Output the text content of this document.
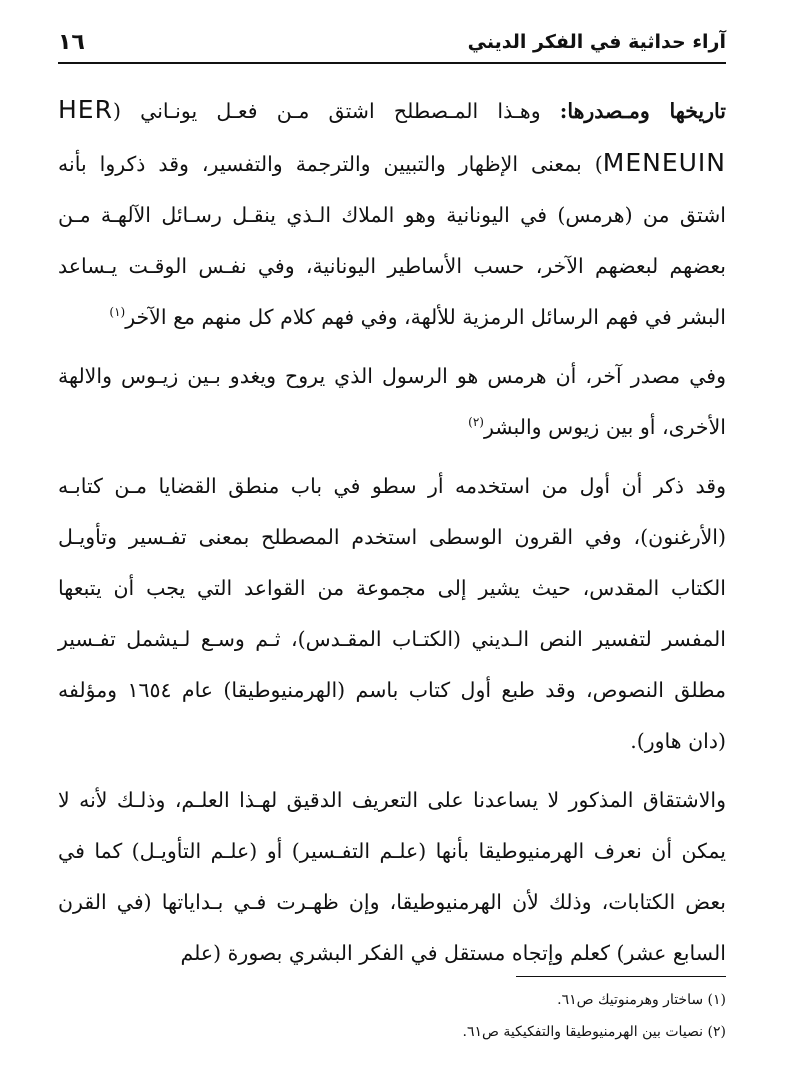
آراء حداثية في الفكر الديني
١٦

تاريخها ومـصدرها: وهـذا المـصطلح اشتق مـن فعـل يونـاني (HER MENEUIN) بمعنى الإظهار والتبيين والترجمة والتفسير، وقد ذكروا بأنه اشتق من (هرمس) في اليونانية وهو الملاك الـذي ينقـل رسـائل الآلهـة مـن بعضهم لبعضهم الآخر، حسب الأساطير اليونانية، وفي نفـس الوقـت يـساعد البشر في فهم الرسائل الرمزية للألهة، وفي فهم كلام كل منهم مع الآخر$^{(١)}$

وفي مصدر آخر، أن هرمس هو الرسول الذي يروح ويغدو بـين زيـوس والالهة الأخرى، أو بين زيوس والبشر$^{(٢)}$

وقد ذكر أن أول من استخدمه أر سطو في باب منطق القضايا مـن كتابـه (الأرغنون)، وفي القرون الوسطى استخدم المصطلح بمعنى تفـسير وتأويـل الكتاب المقدس، حيث يشير إلى مجموعة من القواعد التي يجب أن يتبعها المفسر لتفسير النص الـديني (الكتـاب المقـدس)، ثـم وسـع لـيشمل تفـسير مطلق النصوص، وقد طبع أول كتاب باسم (الهرمنيوطيقا) عام ١٦٥٤ ومؤلفه (دان هاور).

والاشتقاق المذكور لا يساعدنا على التعريف الدقيق لهـذا العلـم، وذلـك لأنه لا يمكن أن نعرف الهرمنيوطيقا بأنها (علـم التفـسير) أو (علـم التأويـل) كما في بعض الكتابات، وذلك لأن الهرمنيوطيقا، وإن ظهـرت فـي بـداياتها (في القرن السابع عشر) كعلم وإتجاه مستقل في الفكر البشري بصورة (علم

(١) ساختار وهرمنوتيك ص٦١.
(٢) نصيات بين الهرمنيوطيقا والتفكيكية ص٦١.
